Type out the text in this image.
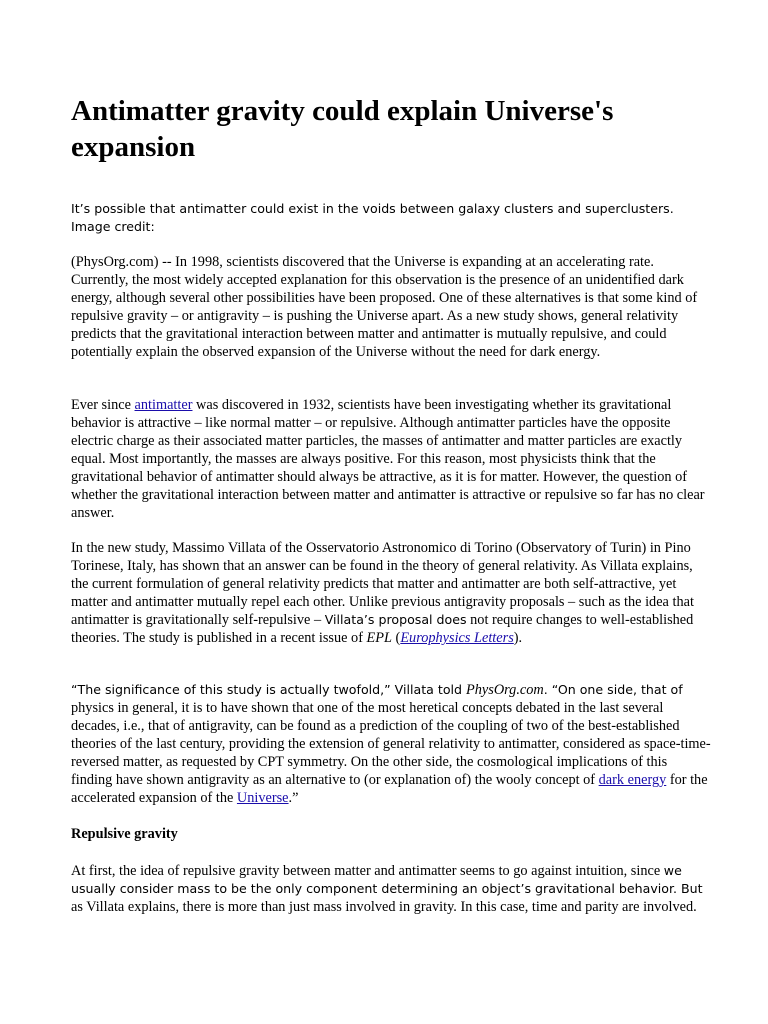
Antimatter gravity could explain Universe's expansion

It’s possible that antimatter could exist in the voids between galaxy clusters and superclusters. Image credit:

(PhysOrg.com) -- In 1998, scientists discovered that the Universe is expanding at an accelerating rate. Currently, the most widely accepted explanation for this observation is the presence of an unidentified dark energy, although several other possibilities have been proposed. One of these alternatives is that some kind of repulsive gravity – or antigravity – is pushing the Universe apart. As a new study shows, general relativity predicts that the gravitational interaction between matter and antimatter is mutually repulsive, and could potentially explain the observed expansion of the Universe without the need for dark energy.

Ever since antimatter was discovered in 1932, scientists have been investigating whether its gravitational behavior is attractive – like normal matter – or repulsive. Although antimatter particles have the opposite electric charge as their associated matter particles, the masses of antimatter and matter particles are exactly equal. Most importantly, the masses are always positive. For this reason, most physicists think that the gravitational behavior of antimatter should always be attractive, as it is for matter. However, the question of whether the gravitational interaction between matter and antimatter is attractive or repulsive so far has no clear answer.

In the new study, Massimo Villata of the Osservatorio Astronomico di Torino (Observatory of Turin) in Pino Torinese, Italy, has shown that an answer can be found in the theory of general relativity. As Villata explains, the current formulation of general relativity predicts that matter and antimatter are both self-attractive, yet matter and antimatter mutually repel each other. Unlike previous antigravity proposals – such as the idea that antimatter is gravitationally self-repulsive – Villata’s proposal does not require changes to well-established theories. The study is published in a recent issue of EPL (Europhysics Letters).

“The significance of this study is actually twofold,” Villata told PhysOrg.com. “On one side, that of physics in general, it is to have shown that one of the most heretical concepts debated in the last several decades, i.e., that of antigravity, can be found as a prediction of the coupling of two of the best-established theories of the last century, providing the extension of general relativity to antimatter, considered as space-time-reversed matter, as requested by CPT symmetry. On the other side, the cosmological implications of this finding have shown antigravity as an alternative to (or explanation of) the wooly concept of dark energy for the accelerated expansion of the Universe.”

Repulsive gravity

At first, the idea of repulsive gravity between matter and antimatter seems to go against intuition, since we usually consider mass to be the only component determining an object’s gravitational behavior. But as Villata explains, there is more than just mass involved in gravity. In this case, time and parity are involved.
